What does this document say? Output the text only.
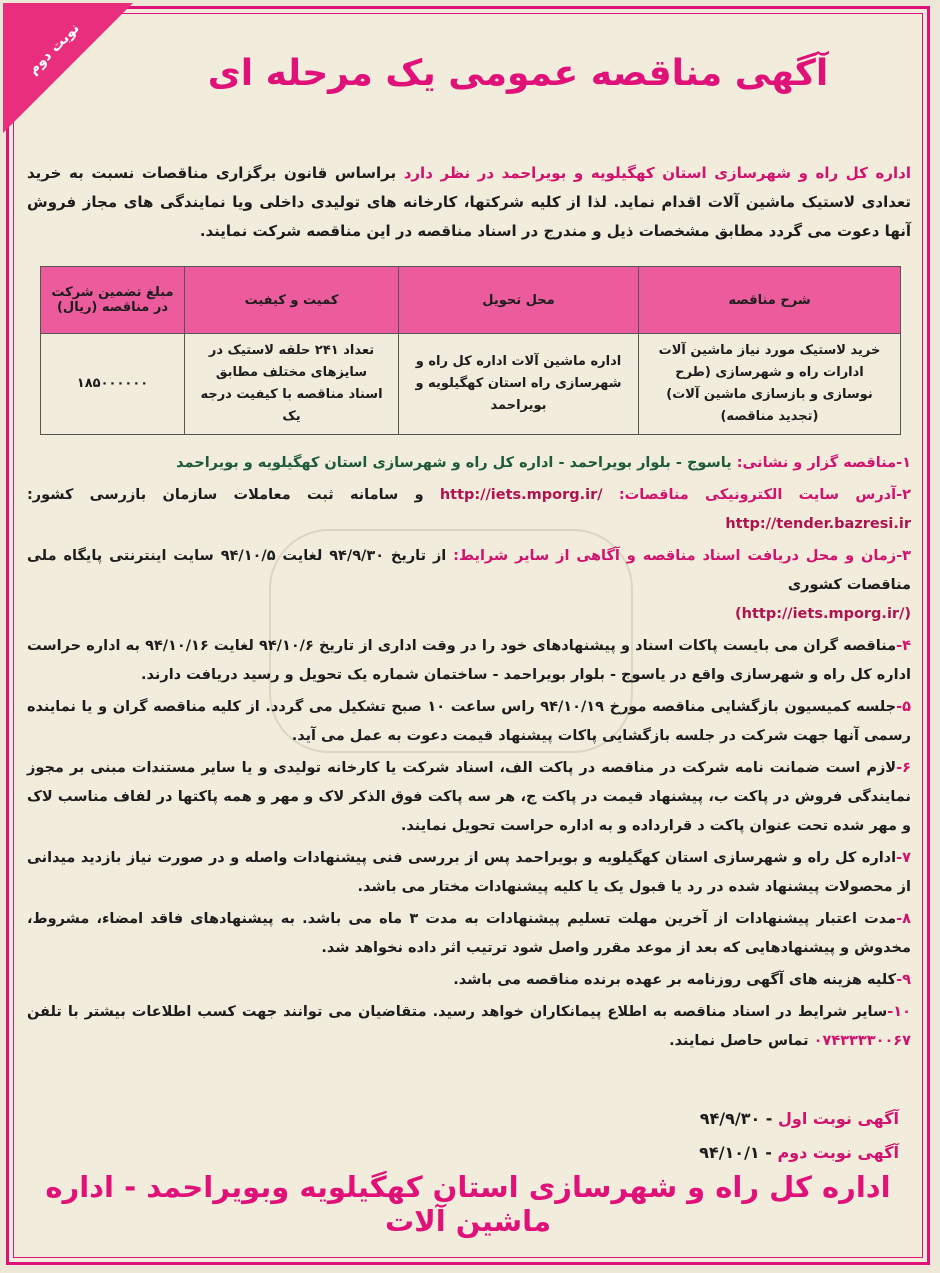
نوبت دوم	آگهی مناقصه عمومی یک مرحله ای
اداره کل راه و شهرسازی استان کهگیلویه و بویراحمد در نظر دارد براساس قانون برگزاری مناقصات نسبت به خرید تعدادی لاستیک ماشین آلات اقدام نماید. لذا از کلیه شرکتها، کارخانه های تولیدی داخلی ویا نمایندگی های مجاز فروش آنها دعوت می گردد مطابق مشخصات ذیل و مندرج در اسناد مناقصه در این مناقصه شرکت نمایند.
شرح مناقصه	محل تحویل	کمیت و کیفیت	مبلغ تضمین شرکت در مناقصه (ریال)
خرید لاستیک مورد نیاز ماشین آلات ادارات راه و شهرسازی (طرح نوسازی و بازسازی ماشین آلات) (تجدید مناقصه)	اداره ماشین آلات اداره کل راه و شهرسازی راه استان کهگیلویه و بویراحمد	تعداد ۲۴۱ حلقه لاستیک در سایزهای مختلف مطابق اسناد مناقصه با کیفیت درجه یک	۱۸۵۰۰۰۰۰۰

۱-مناقصه گزار و نشانی: یاسوج - بلوار بویراحمد - اداره کل راه و شهرسازی استان کهگیلویه و بویراحمد

۲-آدرس سایت الکترونیکی مناقصات: http://iets.mporg.ir/ و سامانه ثبت معاملات سازمان بازرسی کشور: http://tender.bazresi.ir

۳-زمان و محل دریافت اسناد مناقصه و آگاهی از سایر شرایط: از تاریخ ۹۴/۹/۳۰ لغایت ۹۴/۱۰/۵ سایت اینترنتی پایگاه ملی مناقصات کشوری
(http://iets.mporg.ir/)

۴-مناقصه گران می بایست پاکات اسناد و پیشنهادهای خود را در وقت اداری از تاریخ ۹۴/۱۰/۶ لغایت ۹۴/۱۰/۱۶ به اداره حراست اداره کل راه و شهرسازی واقع در یاسوج - بلوار بویراحمد - ساختمان شماره یک تحویل و رسید دریافت دارند.

۵-جلسه کمیسیون بازگشایی مناقصه مورخ ۹۴/۱۰/۱۹ راس ساعت ۱۰ صبح تشکیل می گردد. از کلیه مناقصه گران و یا نماینده رسمی آنها جهت شرکت در جلسه بازگشایی پاکات پیشنهاد قیمت دعوت به عمل می آید.

۶-لازم است ضمانت نامه شرکت در مناقصه در پاکت الف، اسناد شرکت یا کارخانه تولیدی و یا سایر مستندات مبنی بر مجوز نمایندگی فروش در پاکت ب، پیشنهاد قیمت در پاکت ج، هر سه پاکت فوق الذکر لاک و مهر و همه پاکتها در لفاف مناسب لاک و مهر شده تحت عنوان پاکت د قرارداده و به اداره حراست تحویل نمایند.

۷-اداره کل راه و شهرسازی استان کهگیلویه و بویراحمد پس از بررسی فنی پیشنهادات واصله و در صورت نیاز بازدید میدانی از محصولات پیشنهاد شده در رد یا قبول یک یا کلیه پیشنهادات مختار می باشد.

۸-مدت اعتبار پیشنهادات از آخرین مهلت تسلیم پیشنهادات به مدت ۳ ماه می باشد. به پیشنهادهای فاقد امضاء، مشروط، مخدوش و پیشنهادهایی که بعد از موعد مقرر واصل شود ترتیب اثر داده نخواهد شد.

۹-کلیه هزینه های آگهی روزنامه بر عهده برنده مناقصه می باشد.

۱۰-سایر شرایط در اسناد مناقصه به اطلاع پیمانکاران خواهد رسید. متقاضیان می توانند جهت کسب اطلاعات بیشتر با تلفن ۰۷۴۳۳۳۳۰۰۶۷ تماس حاصل نمایند.

آگهی نوبت اول - ۹۴/۹/۳۰
آگهی نوبت دوم - ۹۴/۱۰/۱
اداره کل راه و شهرسازی استان کهگیلویه وبویراحمد - اداره ماشین آلات
